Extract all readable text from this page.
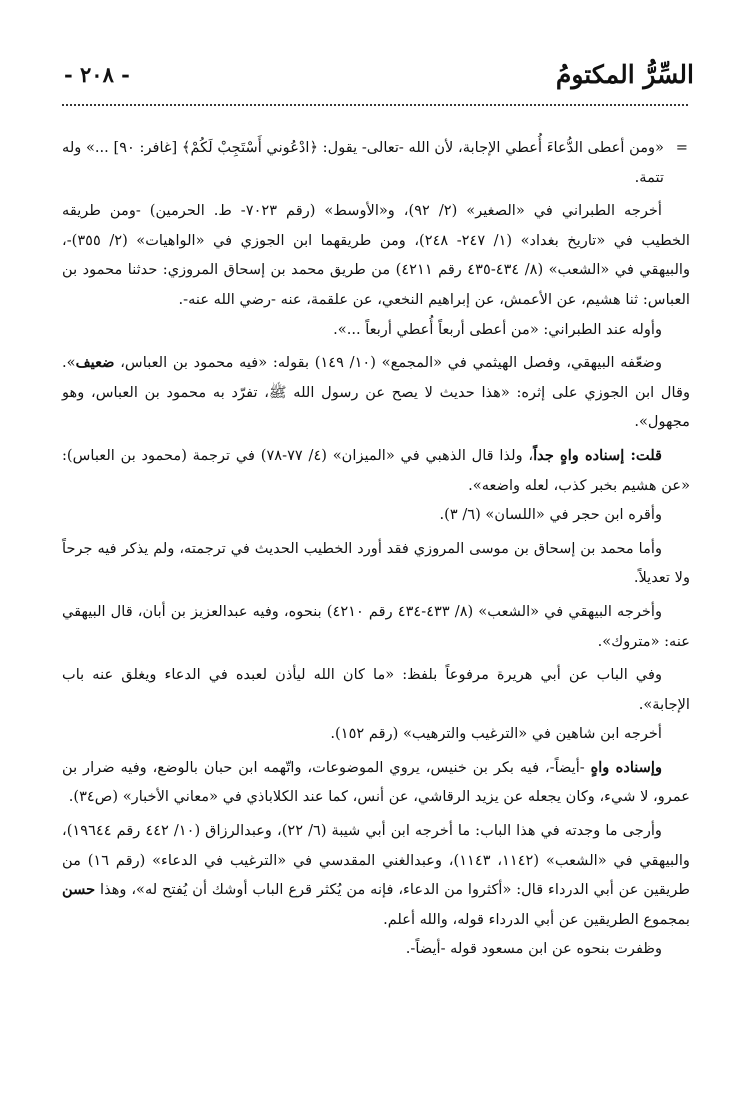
السِّرُّ المكتومُ
- ٢٠٨ -

=
«ومن أعطى الدُّعاءَ أُعطي الإجابة، لأن الله -تعالى- يقول: ﴿ادْعُوني أَسْتَجِبْ لَكُمْ﴾ [غافر: ٩٠] ...» وله تتمة.

أخرجه الطبراني في «الصغير» (٢/ ٩٢)، و«الأوسط» (رقم ٧٠٢٣- ط. الحرمين) -ومن طريقه الخطيب في «تاريخ بغداد» (١/ ٢٤٧- ٢٤٨)، ومن طريقهما ابن الجوزي في «الواهيات» (٢/ ٣٥٥)-، والبيهقي في «الشعب» (٨/ ٤٣٤-٤٣٥ رقم ٤٢١١) من طريق محمد بن إسحاق المروزي: حدثنا محمود بن العباس: ثنا هشيم، عن الأعمش، عن إبراهيم النخعي، عن علقمة، عنه -رضي الله عنه-.

وأوله عند الطبراني: «من أعطى أربعاً أُعطي أربعاً ...».

وضعّفه البيهقي، وفصل الهيثمي في «المجمع» (١٠/ ١٤٩) بقوله: «فيه محمود بن العباس، ضعيف». وقال ابن الجوزي على إثره: «هذا حديث لا يصح عن رسول الله ﷺ، تفرّد به محمود بن العباس، وهو مجهول».

قلت: إسناده واهٍ جداً، ولذا قال الذهبي في «الميزان» (٤/ ٧٧-٧٨) في ترجمة (محمود بن العباس): «عن هشيم بخبر كذب، لعله واضعه».

وأقره ابن حجر في «اللسان» (٦/ ٣).

وأما محمد بن إسحاق بن موسى المروزي فقد أورد الخطيب الحديث في ترجمته، ولم يذكر فيه جرحاً ولا تعديلاً.

وأخرجه البيهقي في «الشعب» (٨/ ٤٣٣-٤٣٤ رقم ٤٢١٠) بنحوه، وفيه عبدالعزيز بن أبان، قال البيهقي عنه: «متروك».

وفي الباب عن أبي هريرة مرفوعاً بلفظ: «ما كان الله ليأذن لعبده في الدعاء ويغلق عنه باب الإجابة».

أخرجه ابن شاهين في «الترغيب والترهيب» (رقم ١٥٢).

وإسناده واهٍ -أيضاً-، فيه بكر بن خنيس، يروي الموضوعات، واتّهمه ابن حبان بالوضع، وفيه ضرار بن عمرو، لا شيء، وكان يجعله عن يزيد الرقاشي، عن أنس، كما عند الكلاباذي في «معاني الأخبار» (ص٣٤).

وأرجى ما وجدته في هذا الباب: ما أخرجه ابن أبي شيبة (٦/ ٢٢)، وعبدالرزاق (١٠/ ٤٤٢ رقم ١٩٦٤٤)، والبيهقي في «الشعب» (١١٤٢، ١١٤٣)، وعبدالغني المقدسي في «الترغيب في الدعاء» (رقم ١٦) من طريقين عن أبي الدرداء قال: «أكثروا من الدعاء، فإنه من يُكثر قرع الباب أوشك أن يُفتح له»، وهذا حسن بمجموع الطريقين عن أبي الدرداء قوله، والله أعلم.

وظفرت بنحوه عن ابن مسعود قوله -أيضاً-.
